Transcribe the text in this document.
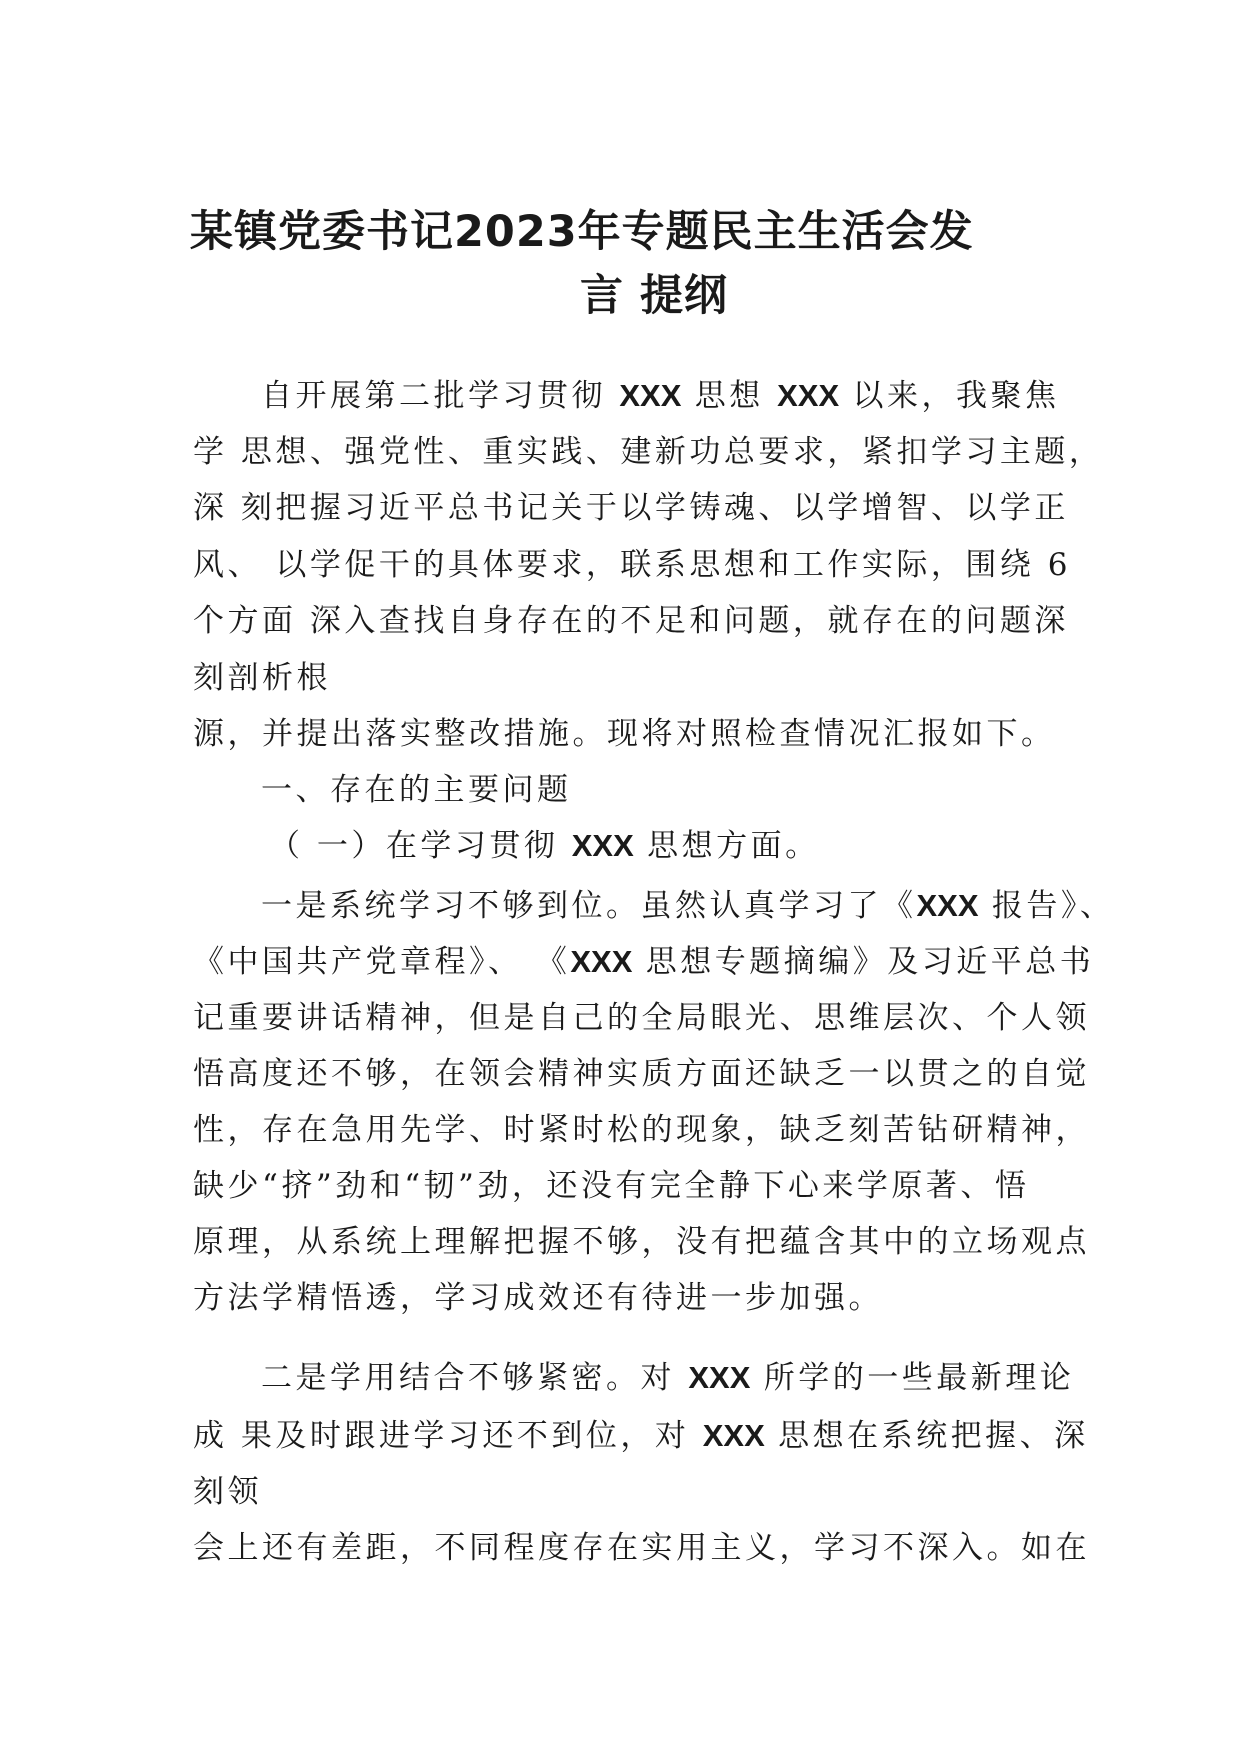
某镇党委书记2023年专题民主生活会发
言 提纲
自开展第二批学习贯彻 XXX 思想 XXX 以来，我聚焦
学 思想、强党性、重实践、建新功总要求，紧扣学习主题，
深 刻把握习近平总书记关于以学铸魂、以学增智、以学正
风、 以学促干的具体要求，联系思想和工作实际，围绕 6
个方面 深入查找自身存在的不足和问题，就存在的问题深
刻剖析根
源，并提出落实整改措施。现将对照检查情况汇报如下。
一、存在的主要问题
（ 一）在学习贯彻 XXX 思想方面。
一是系统学习不够到位。虽然认真学习了《XXX 报告》、
《中国共产党章程》、 《XXX 思想专题摘编》及习近平总书
记重要讲话精神，但是自己的全局眼光、思维层次、个人领
悟高度还不够，在领会精神实质方面还缺乏一以贯之的自觉
性，存在急用先学、时紧时松的现象，缺乏刻苦钻研精神，
缺少“挤”劲和“韧”劲，还没有完全静下心来学原著、悟
原理，从系统上理解把握不够，没有把蕴含其中的立场观点
方法学精悟透，学习成效还有待进一步加强。
二是学用结合不够紧密。对 XXX 所学的一些最新理论
成 果及时跟进学习还不到位，对 XXX 思想在系统把握、深
刻领
会上还有差距，不同程度存在实用主义，学习不深入。如在
